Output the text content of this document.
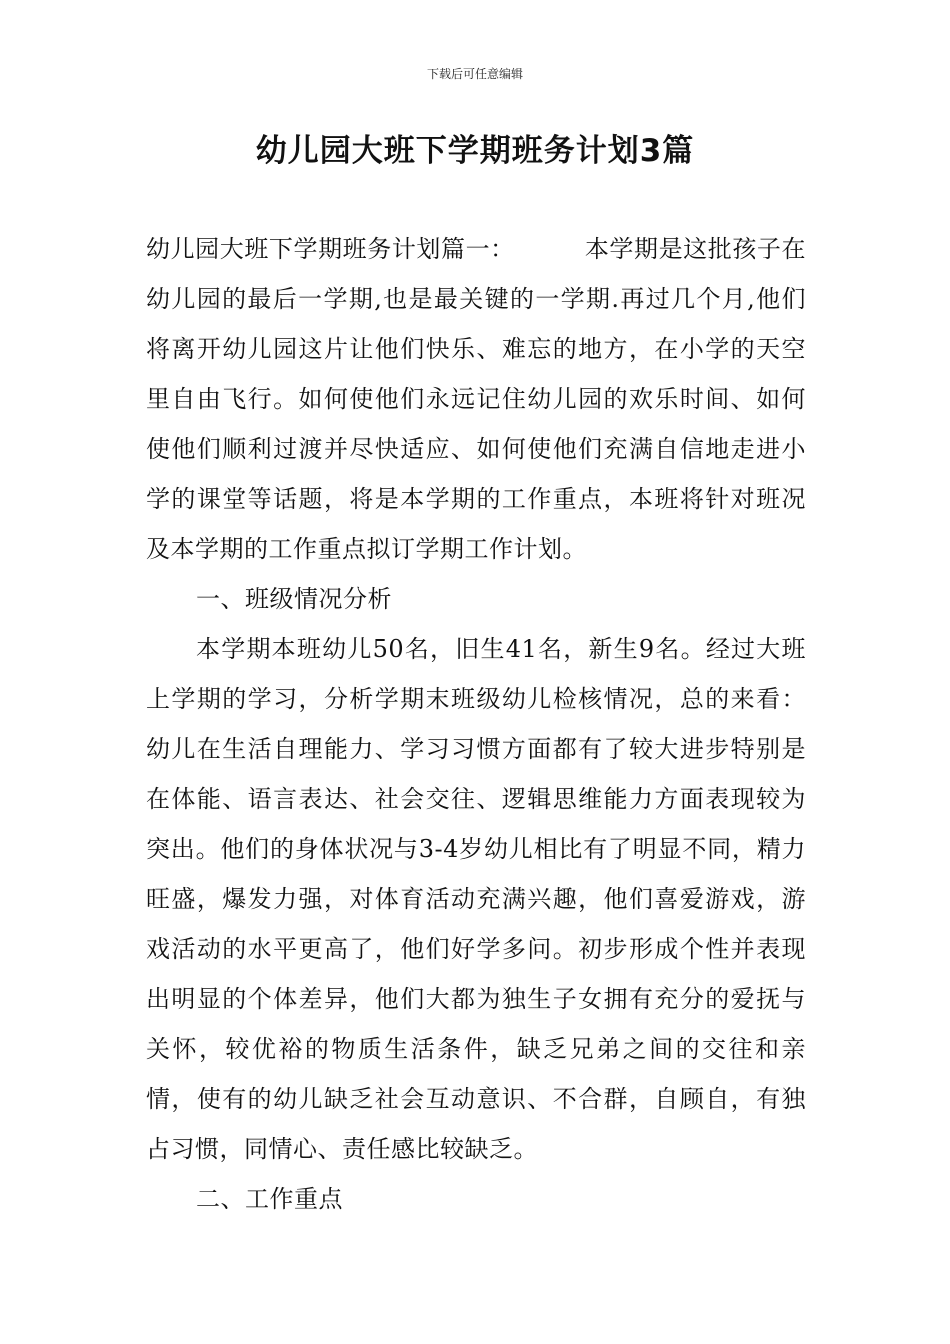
下载后可任意编辑
幼儿园大班下学期班务计划3篇

幼儿园大班下学期班务计划篇一：	本学期是这批孩子在幼儿园的最后一学期,也是最关键的一学期.再过几个月,他们将离开幼儿园这片让他们快乐、难忘的地方，在小学的天空里自由飞行。如何使他们永远记住幼儿园的欢乐时间、如何使他们顺利过渡并尽快适应、如何使他们充满自信地走进小学的课堂等话题，将是本学期的工作重点，本班将针对班况及本学期的工作重点拟订学期工作计划。

一、班级情况分析

本学期本班幼儿50名，旧生41名，新生9名。经过大班上学期的学习，分析学期末班级幼儿检核情况，总的来看：幼儿在生活自理能力、学习习惯方面都有了较大进步特别是在体能、语言表达、社会交往、逻辑思维能力方面表现较为突出。他们的身体状况与3-4岁幼儿相比有了明显不同，精力旺盛，爆发力强，对体育活动充满兴趣，他们喜爱游戏，游戏活动的水平更高了，他们好学多问。初步形成个性并表现出明显的个体差异，他们大都为独生子女拥有充分的爱抚与关怀，较优裕的物质生活条件，缺乏兄弟之间的交往和亲情，使有的幼儿缺乏社会互动意识、不合群，自顾自，有独占习惯，同情心、责任感比较缺乏。

二、工作重点
